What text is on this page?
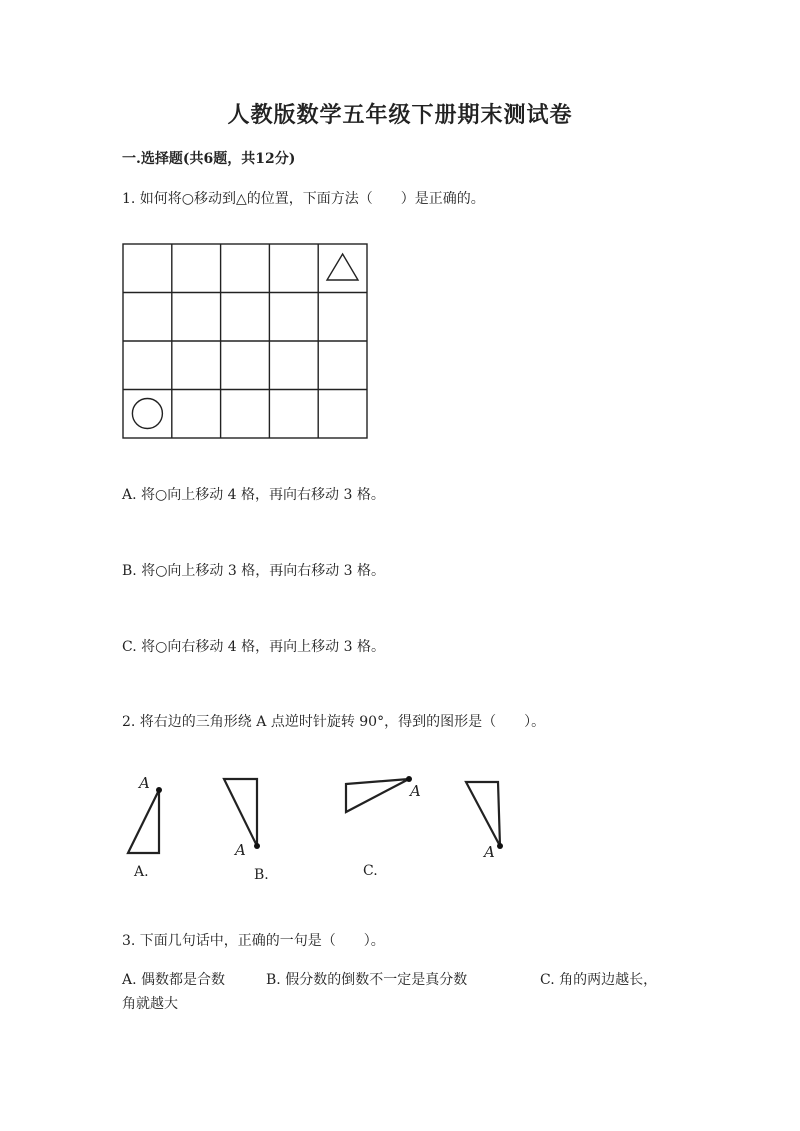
人教版数学五年级下册期末测试卷
一.选择题(共6题，共12分)
1. 如何将○移动到△的位置，下面方法（　　）是正确的。
A. 将○向上移动 4 格，再向右移动 3 格。
B. 将○向上移动 3 格，再向右移动 3 格。
C. 将○向右移动 4 格，再向上移动 3 格。
2. 将右边的三角形绕 A 点逆时针旋转 90°，得到的图形是（　　）。
A
A
A
A
A.	B.	C.
3. 下面几句话中，正确的一句是（　　）。
A. 偶数都是合数	B. 假分数的倒数不一定是真分数	C. 角的两边越长，
角就越大
